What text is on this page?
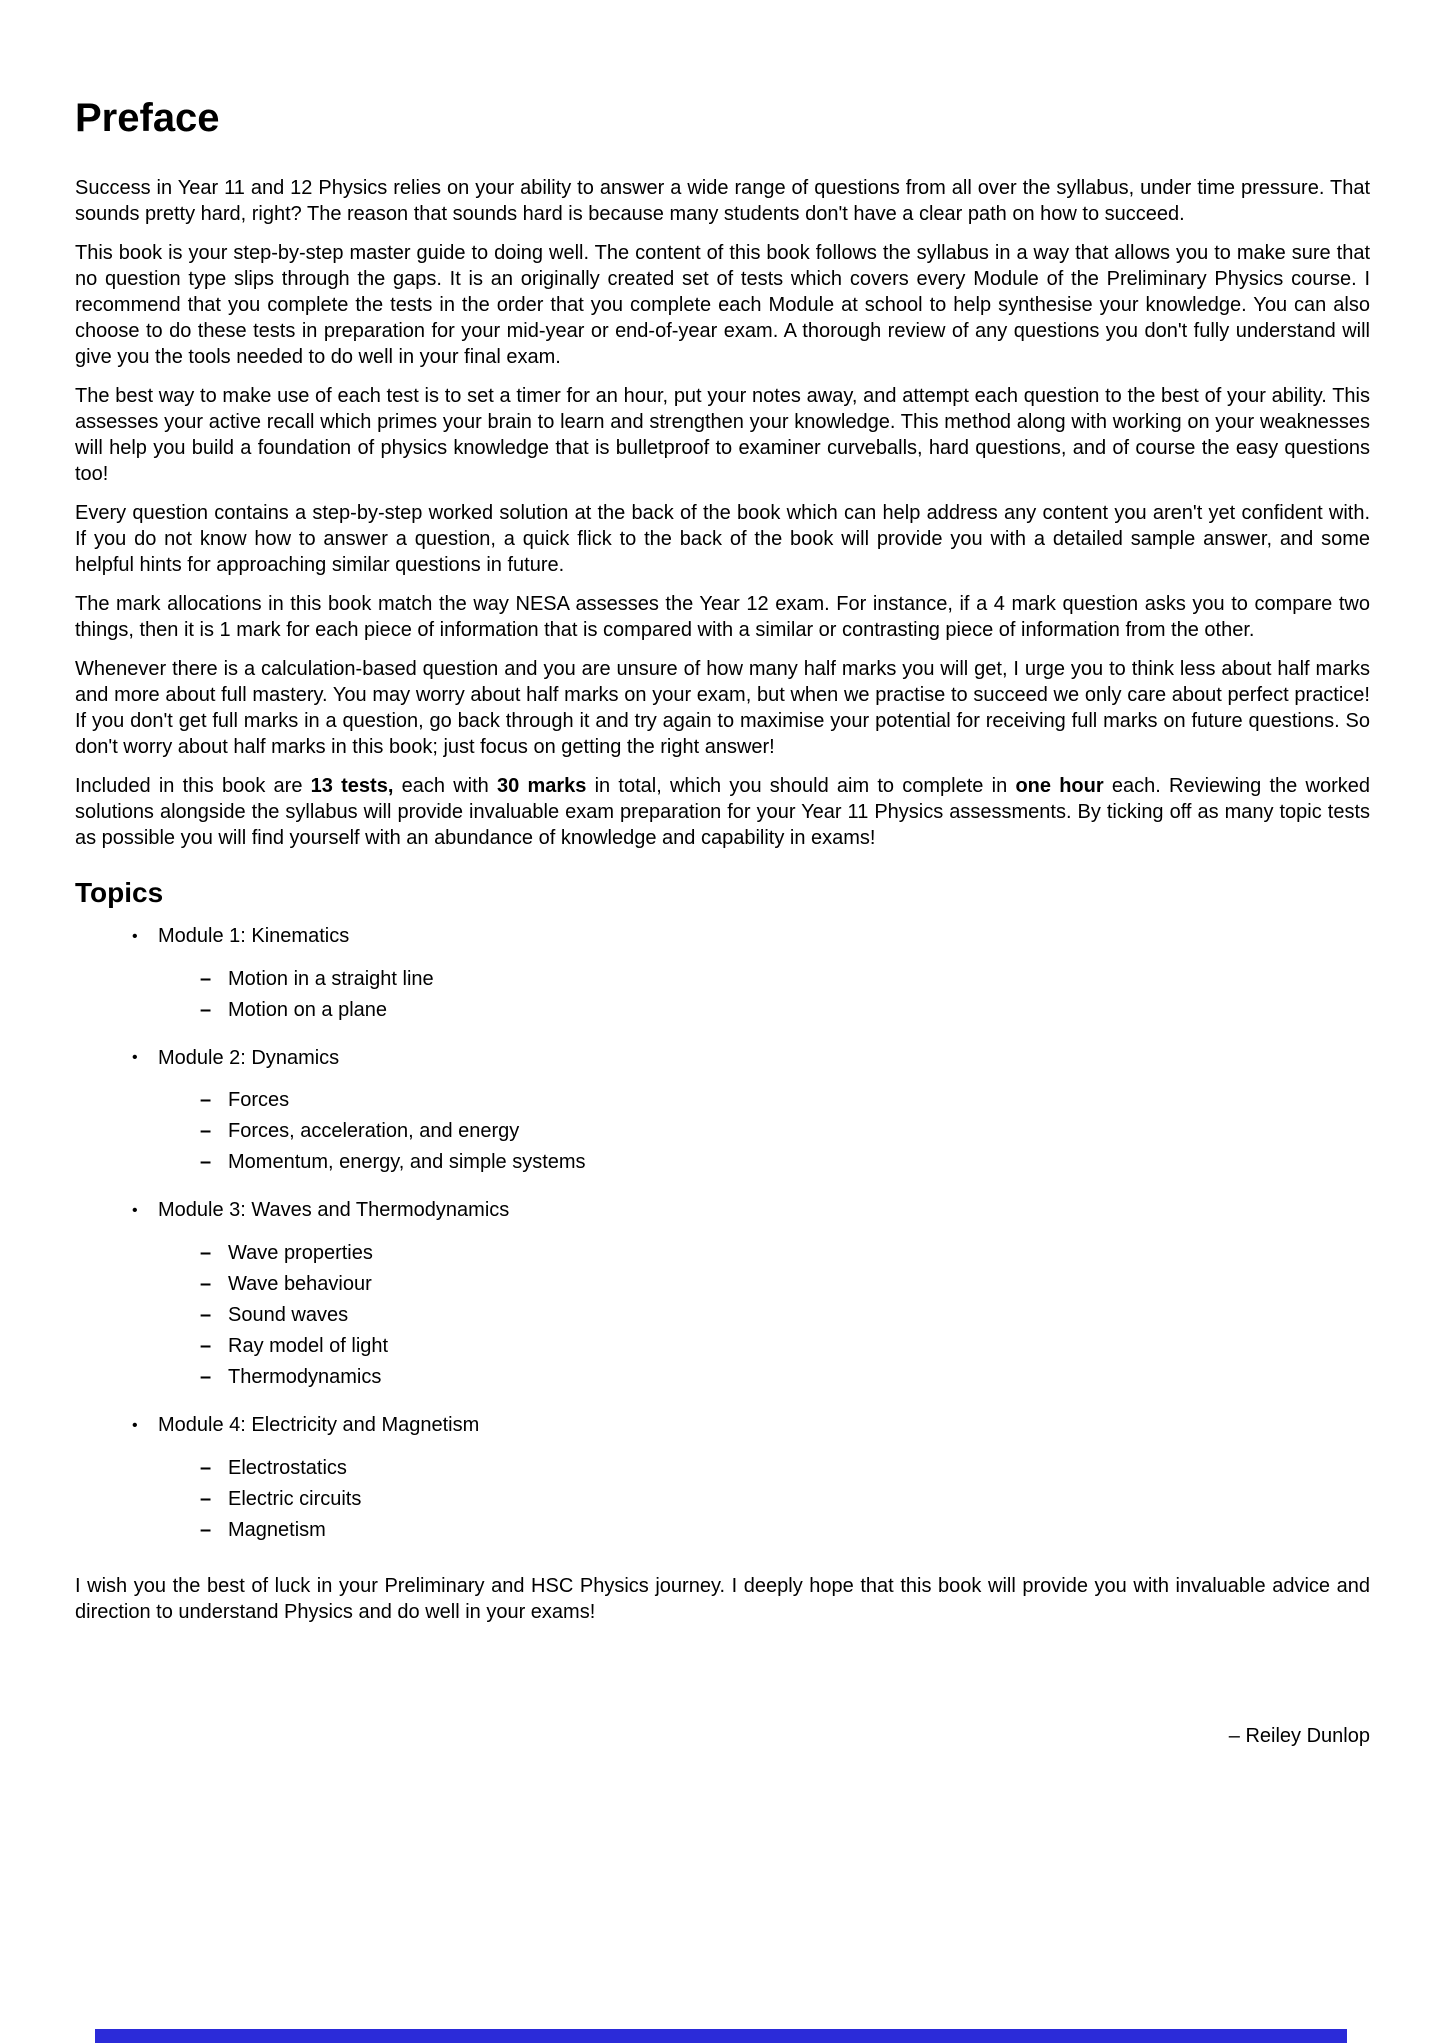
Preface

Success in Year 11 and 12 Physics relies on your ability to answer a wide range of questions from all over the syllabus, under time pressure. That sounds pretty hard, right? The reason that sounds hard is because many students don't have a clear path on how to succeed.

This book is your step-by-step master guide to doing well. The content of this book follows the syllabus in a way that allows you to make sure that no question type slips through the gaps. It is an originally created set of tests which covers every Module of the Preliminary Physics course. I recommend that you complete the tests in the order that you complete each Module at school to help synthesise your knowledge. You can also choose to do these tests in preparation for your mid-year or end-of-year exam. A thorough review of any questions you don't fully understand will give you the tools needed to do well in your final exam.

The best way to make use of each test is to set a timer for an hour, put your notes away, and attempt each question to the best of your ability. This assesses your active recall which primes your brain to learn and strengthen your knowledge. This method along with working on your weaknesses will help you build a foundation of physics knowledge that is bulletproof to examiner curveballs, hard questions, and of course the easy questions too!

Every question contains a step-by-step worked solution at the back of the book which can help address any content you aren't yet confident with. If you do not know how to answer a question, a quick flick to the back of the book will provide you with a detailed sample answer, and some helpful hints for approaching similar questions in future.

The mark allocations in this book match the way NESA assesses the Year 12 exam. For instance, if a 4 mark question asks you to compare two things, then it is 1 mark for each piece of information that is compared with a similar or contrasting piece of information from the other.

Whenever there is a calculation-based question and you are unsure of how many half marks you will get, I urge you to think less about half marks and more about full mastery. You may worry about half marks on your exam, but when we practise to succeed we only care about perfect practice! If you don't get full marks in a question, go back through it and try again to maximise your potential for receiving full marks on future questions. So don't worry about half marks in this book; just focus on getting the right answer!

Included in this book are 13 tests, each with 30 marks in total, which you should aim to complete in one hour each. Reviewing the worked solutions alongside the syllabus will provide invaluable exam preparation for your Year 11 Physics assessments. By ticking off as many topic tests as possible you will find yourself with an abundance of knowledge and capability in exams!

Topics
• Module 1: Kinematics
– Motion in a straight line
– Motion on a plane
• Module 2: Dynamics
– Forces
– Forces, acceleration, and energy
– Momentum, energy, and simple systems
• Module 3: Waves and Thermodynamics
– Wave properties
– Wave behaviour
– Sound waves
– Ray model of light
– Thermodynamics
• Module 4: Electricity and Magnetism
– Electrostatics
– Electric circuits
– Magnetism

I wish you the best of luck in your Preliminary and HSC Physics journey. I deeply hope that this book will provide you with invaluable advice and direction to understand Physics and do well in your exams!

– Reiley Dunlop
